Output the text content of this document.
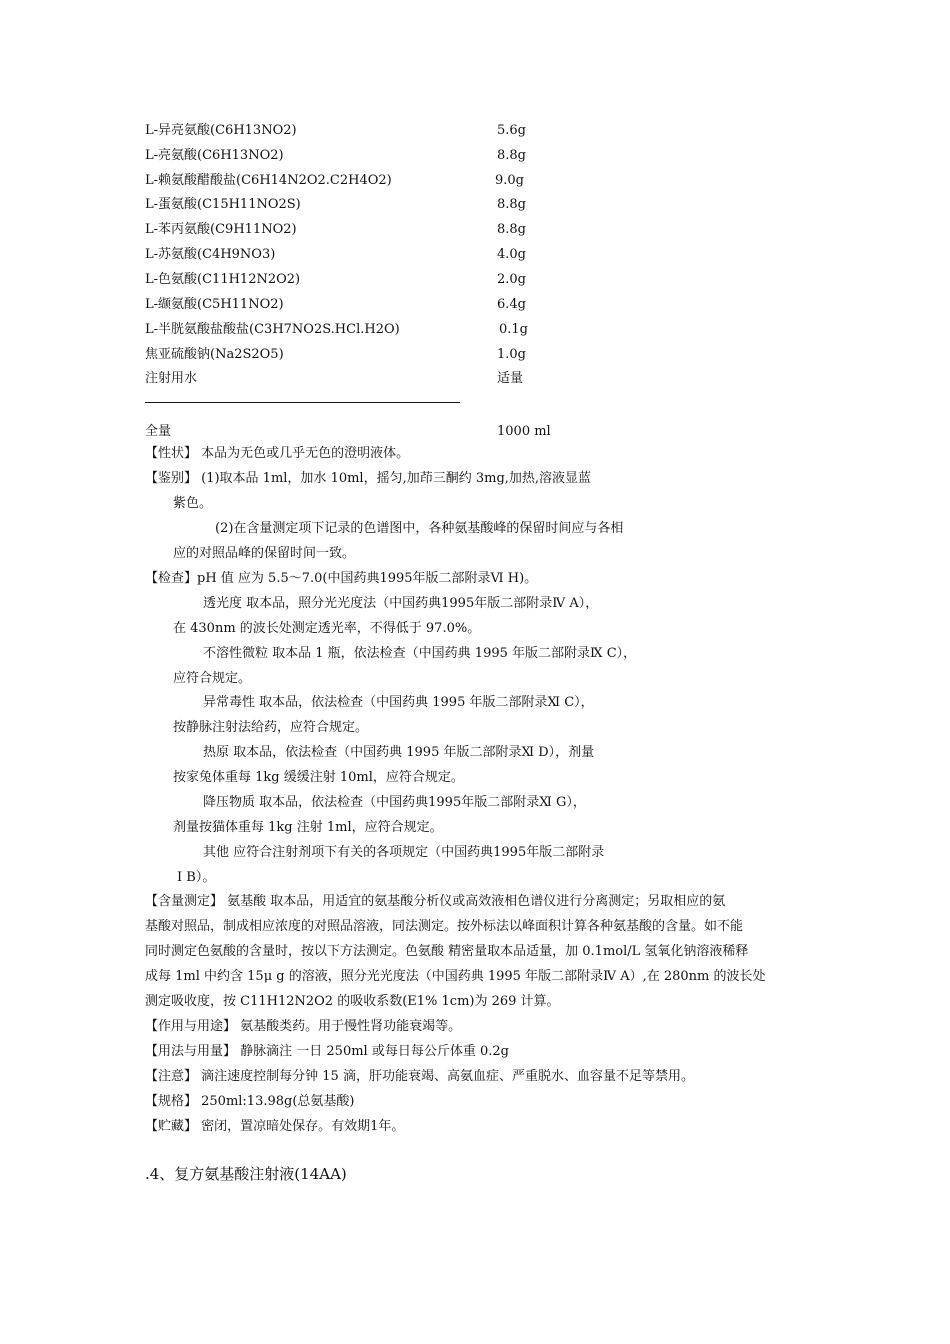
L-异亮氨酸(C6H13NO2)	5.6g
L-亮氨酸(C6H13NO2)	8.8g
L-赖氨酸醋酸盐(C6H14N2O2.C2H4O2)	9.0g
L-蛋氨酸(C15H11NO2S)	8.8g
L-苯丙氨酸(C9H11NO2)	8.8g
L-苏氨酸(C4H9NO3)	4.0g
L-色氨酸(C11H12N2O2)	2.0g
L-缬氨酸(C5H11NO2)	6.4g
L-半胱氨酸盐酸盐(C3H7NO2S.HCl.H2O)	0.1g
焦亚硫酸钠(Na2S2O5)	1.0g
注射用水	适量
全量	1000 ml
【性状】 本品为无色或几乎无色的澄明液体。
【鉴别】 (1)取本品 1ml，加水 10ml，摇匀,加茚三酮约 3mg,加热,溶液显蓝
紫色。
(2)在含量测定项下记录的色谱图中，各种氨基酸峰的保留时间应与各相
应的对照品峰的保留时间一致。
【检查】pH 值 应为 5.5～7.0(中国药典1995年版二部附录Ⅵ H)。
透光度 取本品，照分光光度法（中国药典1995年版二部附录Ⅳ A），
在 430nm 的波长处测定透光率，不得低于 97.0%。
不溶性微粒 取本品 1 瓶，依法检查（中国药典 1995 年版二部附录Ⅸ C），
应符合规定。
异常毒性 取本品，依法检查（中国药典 1995 年版二部附录Ⅺ C），
按静脉注射法给药，应符合规定。
热原 取本品，依法检查（中国药典 1995 年版二部附录Ⅺ D），剂量
按家兔体重每 1kg 缓缓注射 10ml，应符合规定。
降压物质 取本品，依法检查（中国药典1995年版二部附录Ⅺ G），
剂量按猫体重每 1kg 注射 1ml，应符合规定。
其他 应符合注射剂项下有关的各项规定（中国药典1995年版二部附录
Ⅰ B）。
【含量测定】 氨基酸 取本品，用适宜的氨基酸分析仪或高效液相色谱仪进行分离测定；另取相应的氨
基酸对照品，制成相应浓度的对照品溶液，同法测定。按外标法以峰面积计算各种氨基酸的含量。如不能
同时测定色氨酸的含量时，按以下方法测定。色氨酸 精密量取本品适量，加 0.1mol/L 氢氧化钠溶液稀释
成每 1ml 中约含 15μ g 的溶液，照分光光度法（中国药典 1995 年版二部附录Ⅳ A）,在 280nm 的波长处
测定吸收度，按 C11H12N2O2 的吸收系数(E1% 1cm)为 269 计算。
【作用与用途】 氨基酸类药。用于慢性肾功能衰竭等。
【用法与用量】 静脉滴注 一日 250ml 或每日每公斤体重 0.2g
【注意】 滴注速度控制每分钟 15 滴，肝功能衰竭、高氨血症、严重脱水、血容量不足等禁用。
【规格】 250ml:13.98g(总氨基酸)
【贮藏】 密闭，置凉暗处保存。有效期1年。
.4、复方氨基酸注射液(14AA)
